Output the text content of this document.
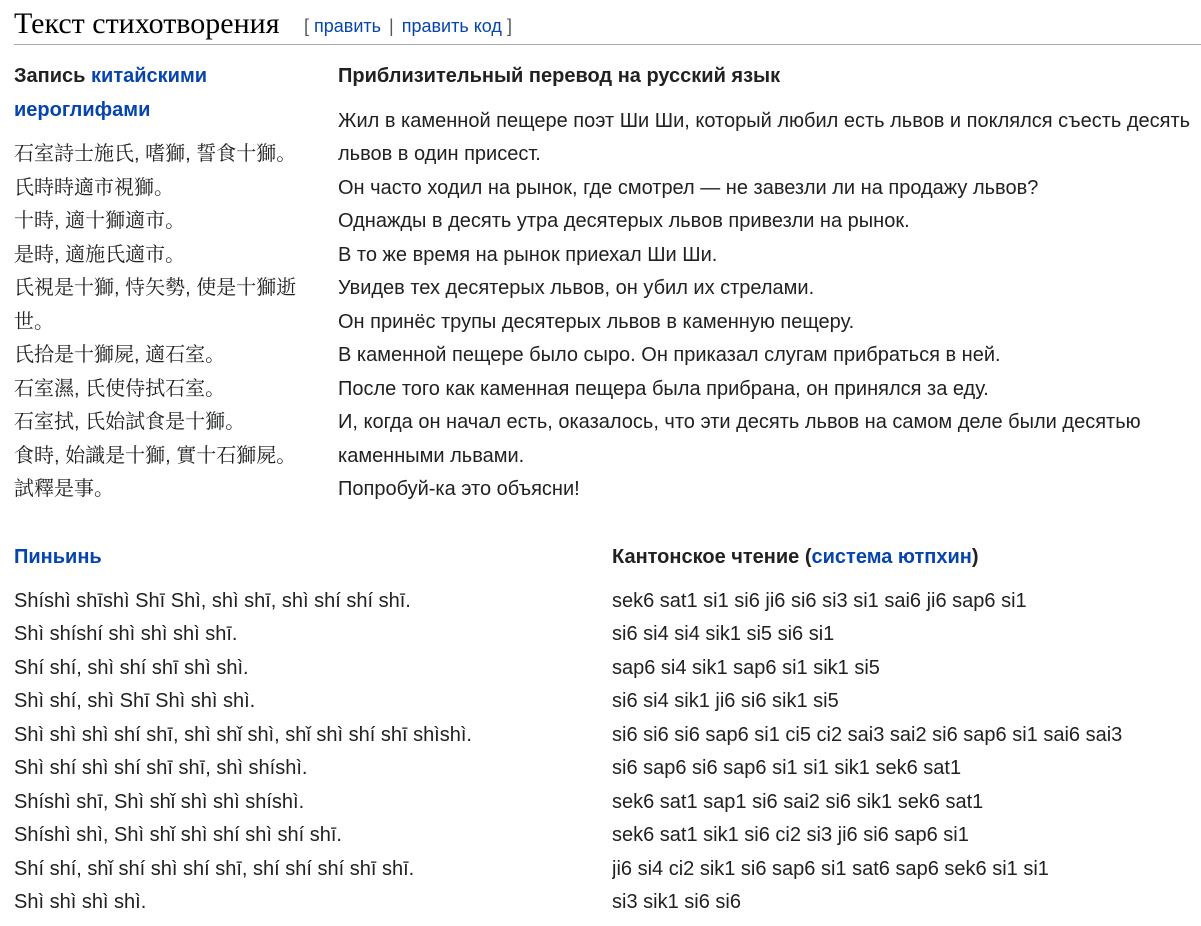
Текст стихотворения [ править | править код ]
Запись китайскими иероглифами
石室詩士施氏, 嗜獅, 誓食十獅。
氏時時適市視獅。
十時, 適十獅適市。
是時, 適施氏適市。
氏視是十獅, 恃矢勢, 使是十獅逝世。
氏拾是十獅屍, 適石室。
石室濕, 氏使侍拭石室。
石室拭, 氏始試食是十獅。
食時, 始識是十獅, 實十石獅屍。
試釋是事。
Приблизительный перевод на русский язык
Жил в каменной пещере поэт Ши Ши, который любил есть львов и поклялся съесть десять львов в один присест.
Он часто ходил на рынок, где смотрел — не завезли ли на продажу львов?
Однажды в десять утра десятерых львов привезли на рынок.
В то же время на рынок приехал Ши Ши.
Увидев тех десятерых львов, он убил их стрелами.
Он принёс трупы десятерых львов в каменную пещеру.
В каменной пещере было сыро. Он приказал слугам прибраться в ней.
После того как каменная пещера была прибрана, он принялся за еду.
И, когда он начал есть, оказалось, что эти десять львов на самом деле были десятью каменными львами.
Попробуй-ка это объясни!
Пиньинь
Shíshì shīshì Shī Shì, shì shī, shì shí shí shī.
Shì shíshí shì shì shì shī.
Shí shí, shì shí shī shì shì.
Shì shí, shì Shī Shì shì shì.
Shì shì shì shí shī, shì shǐ shì, shǐ shì shí shī shìshì.
Shì shí shì shí shī shī, shì shíshì.
Shíshì shī, Shì shǐ shì shì shíshì.
Shíshì shì, Shì shǐ shì shí shì shí shī.
Shí shí, shǐ shí shì shí shī, shí shí shí shī shī.
Shì shì shì shì.
Кантонское чтение (система ютпхин)
sek6 sat1 si1 si6 ji6 si6 si3 si1 sai6 ji6 sap6 si1
si6 si4 si4 sik1 si5 si6 si1
sap6 si4 sik1 sap6 si1 sik1 si5
si6 si4 sik1 ji6 si6 sik1 si5
si6 si6 si6 sap6 si1 ci5 ci2 sai3 sai2 si6 sap6 si1 sai6 sai3
si6 sap6 si6 sap6 si1 si1 sik1 sek6 sat1
sek6 sat1 sap1 si6 sai2 si6 sik1 sek6 sat1
sek6 sat1 sik1 si6 ci2 si3 ji6 si6 sap6 si1
ji6 si4 ci2 sik1 si6 sap6 si1 sat6 sap6 sek6 si1 si1
si3 sik1 si6 si6
